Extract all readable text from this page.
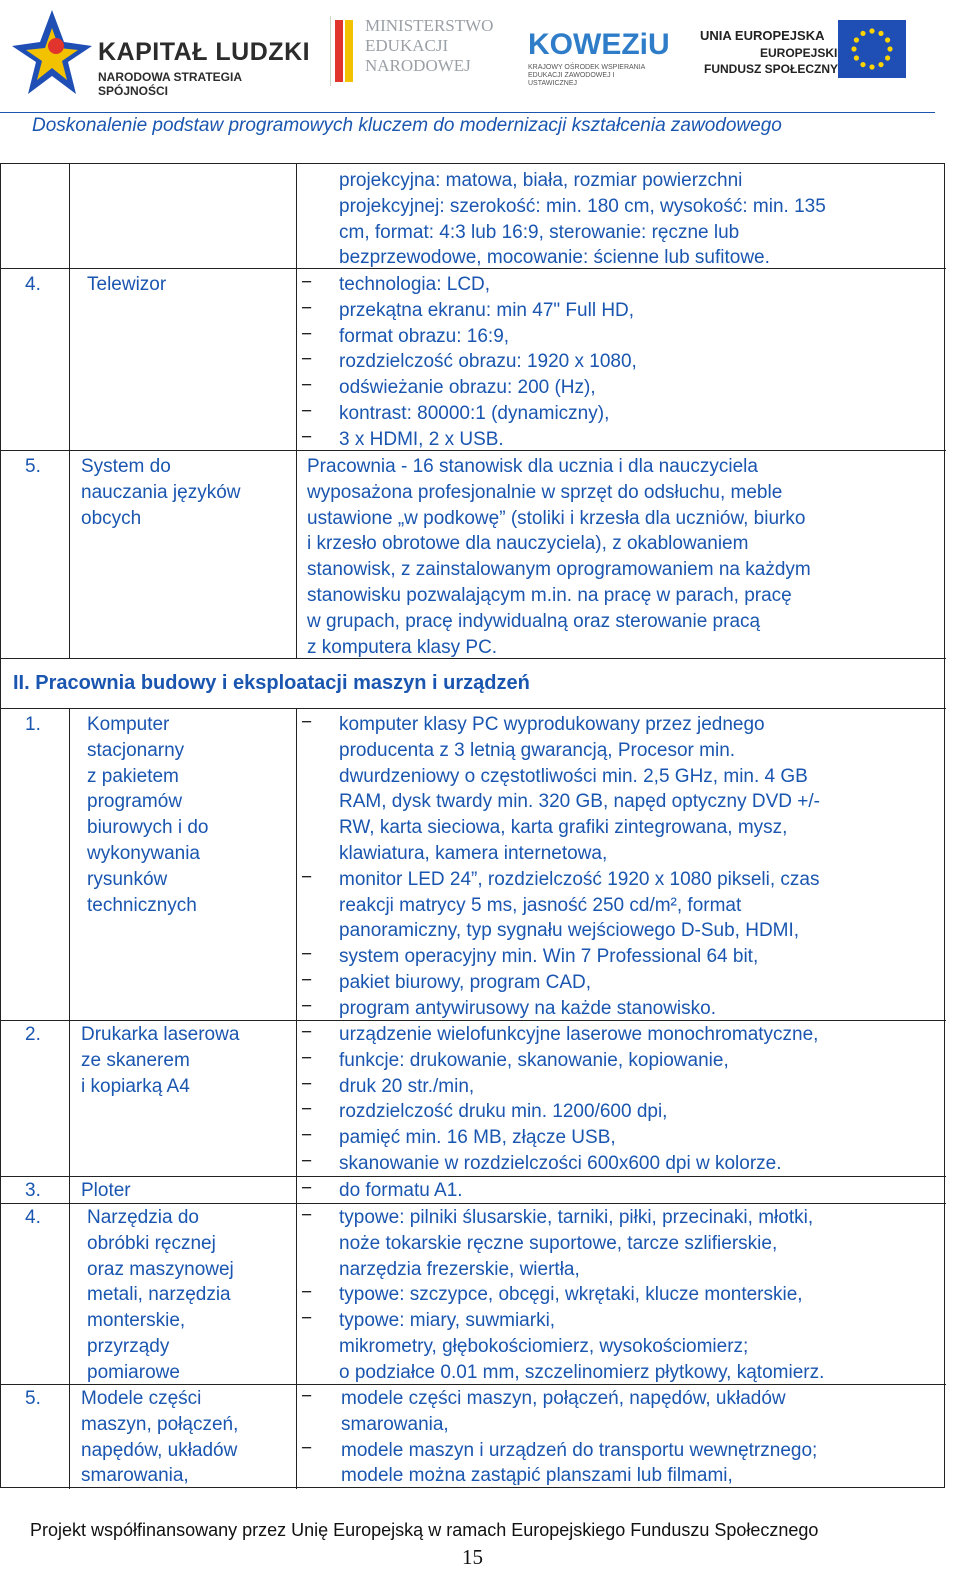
KAPITAŁ LUDZKI
NARODOWA STRATEGIA SPÓJNOŚCI
MINISTERSTWO
EDUKACJI
NARODOWEJ
KOWEZiU
KRAJOWY OŚRODEK WSPIERANIA EDUKACJI ZAWODOWEJ I USTAWICZNEJ
UNIA EUROPEJSKA
EUROPEJSKI
FUNDUSZ SPOŁECZNY
Doskonalenie podstaw programowych kluczem do modernizacji kształcenia zawodowego
projekcyjna: matowa, biała, rozmiar powierzchni
projekcyjnej: szerokość: min. 180 cm, wysokość: min. 135
cm, format: 4:3 lub 16:9, sterowanie: ręczne lub
bezprzewodowe, mocowanie: ścienne lub sufitowe.
4. Telewizor	technologia: LCD,
−
przekątna ekranu: min 47" Full HD,
−
format obrazu: 16:9,
−
rozdzielczość obrazu: 1920 x 1080,
−
odświeżanie obrazu: 200 (Hz),
−
kontrast: 80000:1 (dynamiczny),
−
3 x HDMI, 2 x USB.
−
5. System do
nauczania języków
obcych
Pracownia - 16 stanowisk dla ucznia i dla nauczyciela
wyposażona profesjonalnie w sprzęt do odsłuchu, meble
ustawione „w podkowę” (stoliki i krzesła dla uczniów, biurko
i krzesło obrotowe dla nauczyciela), z okablowaniem
stanowisk, z zainstalowanym oprogramowaniem na każdym
stanowisku pozwalającym m.in. na pracę w parach, pracę
w grupach, pracę indywidualną oraz sterowanie pracą
z komputera klasy PC.
II. Pracownia budowy i eksploatacji maszyn i urządzeń
1. Komputer
stacjonarny
z pakietem
programów
biurowych i do
wykonywania
rysunków
technicznych
komputer klasy PC wyprodukowany przez jednego
−
producenta z 3 letnią gwarancją, Procesor min.
dwurdzeniowy o częstotliwości min. 2,5 GHz, min. 4 GB
RAM, dysk twardy min. 320 GB, napęd optyczny DVD +/-
RW, karta sieciowa, karta grafiki zintegrowana, mysz,
klawiatura, kamera internetowa,
monitor LED 24”, rozdzielczość 1920 x 1080 pikseli, czas
−
reakcji matrycy 5 ms, jasność 250 cd/m², format
panoramiczny, typ sygnału wejściowego D-Sub, HDMI,
system operacyjny min. Win 7 Professional 64 bit,
−
pakiet biurowy, program CAD,
−
program antywirusowy na każde stanowisko.
−
2. Drukarka laserowa
ze skanerem
i kopiarką A4
urządzenie wielofunkcyjne laserowe monochromatyczne,
−
funkcje: drukowanie, skanowanie, kopiowanie,
−
druk 20 str./min,
−
rozdzielczość druku min. 1200/600 dpi,
−
pamięć min. 16 MB, złącze USB,
−
skanowanie w rozdzielczości 600x600 dpi w kolorze.
−
3. Ploter	do formatu A1.
−
4. Narzędzia do
obróbki ręcznej
oraz maszynowej
metali, narzędzia
monterskie,
przyrządy
pomiarowe
typowe: pilniki ślusarskie, tarniki, piłki, przecinaki, młotki,
−
noże tokarskie ręczne suportowe, tarcze szlifierskie,
narzędzia frezerskie, wiertła,
typowe: szczypce, obcęgi, wkrętaki, klucze monterskie,
−
typowe: miary, suwmiarki,
−
mikrometry, głębokościomierz, wysokościomierz;
o podziałce 0.01 mm, szczelinomierz płytkowy, kątomierz.
5. Modele części
maszyn, połączeń,
napędów, układów
smarowania,
modele części maszyn, połączeń, napędów, układów
−
smarowania,
modele maszyn i urządzeń do transportu wewnętrznego;
−
modele można zastąpić planszami lub filmami,
Projekt współfinansowany przez Unię Europejską w ramach Europejskiego Funduszu Społecznego
15
